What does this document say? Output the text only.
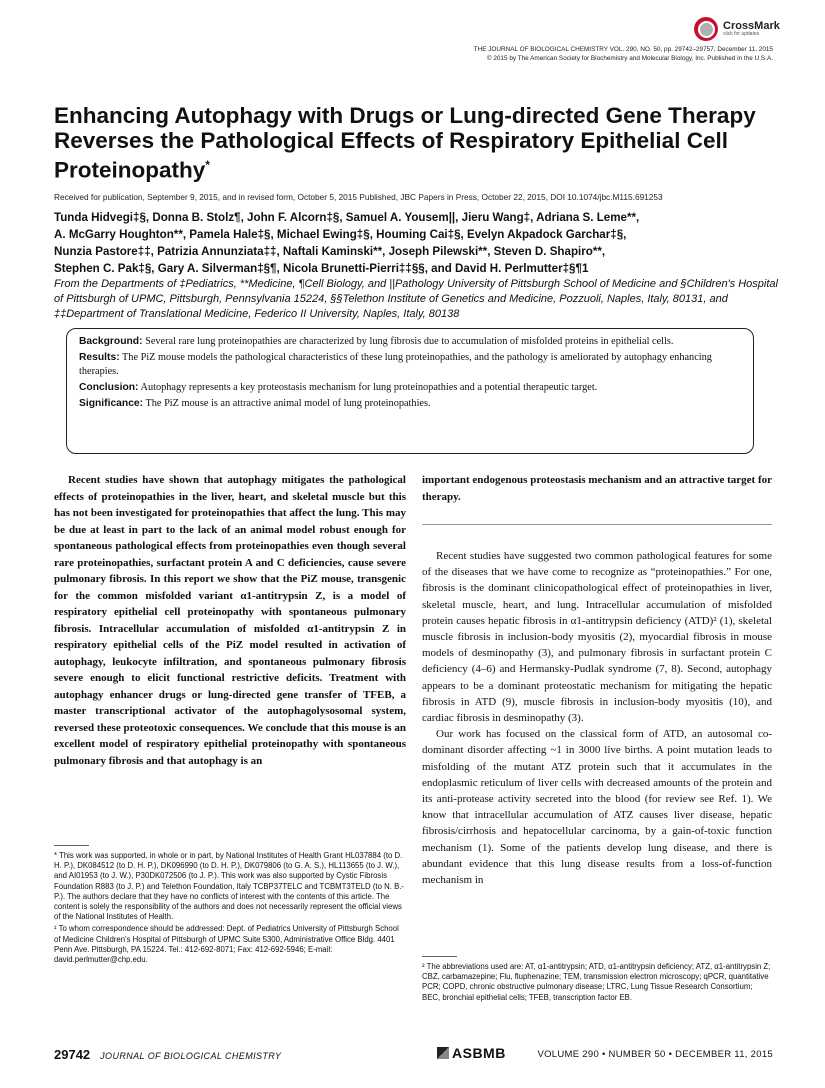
CrossMark
click for updates
THE JOURNAL OF BIOLOGICAL CHEMISTRY VOL. 290, NO. 50, pp. 29742–29757, December 11, 2015
© 2015 by The American Society for Biochemistry and Molecular Biology, Inc. Published in the U.S.A.
Enhancing Autophagy with Drugs or Lung-directed Gene Therapy Reverses the Pathological Effects of Respiratory Epithelial Cell Proteinopathy*
Received for publication, September 9, 2015, and in revised form, October 5, 2015 Published, JBC Papers in Press, October 22, 2015, DOI 10.1074/jbc.M115.691253
Tunda Hidvegi‡§, Donna B. Stolz¶, John F. Alcorn‡§, Samuel A. Yousem||, Jieru Wang‡, Adriana S. Leme**,
A. McGarry Houghton**, Pamela Hale‡§, Michael Ewing‡§, Houming Cai‡§, Evelyn Akpadock Garchar‡§,
Nunzia Pastore‡‡, Patrizia Annunziata‡‡, Naftali Kaminski**, Joseph Pilewski**, Steven D. Shapiro**,
Stephen C. Pak‡§, Gary A. Silverman‡§¶, Nicola Brunetti-Pierri‡‡§§, and David H. Perlmutter‡§¶1
From the Departments of ‡Pediatrics, **Medicine, ¶Cell Biology, and ||Pathology University of Pittsburgh School of Medicine and §Children's Hospital of Pittsburgh of UPMC, Pittsburgh, Pennsylvania 15224, §§Telethon Institute of Genetics and Medicine, Pozzuoli, Naples, Italy, 80131, and ‡‡Department of Translational Medicine, Federico II University, Naples, Italy, 80138

Background: Several rare lung proteinopathies are characterized by lung fibrosis due to accumulation of misfolded proteins in epithelial cells.

Results: The PiZ mouse models the pathological characteristics of these lung proteinopathies, and the pathology is ameliorated by autophagy enhancing therapies.

Conclusion: Autophagy represents a key proteostasis mechanism for lung proteinopathies and a potential therapeutic target.

Significance: The PiZ mouse is an attractive animal model of lung proteinopathies.

Recent studies have shown that autophagy mitigates the pathological effects of proteinopathies in the liver, heart, and skeletal muscle but this has not been investigated for proteinopathies that affect the lung. This may be due at least in part to the lack of an animal model robust enough for spontaneous pathological effects from proteinopathies even though several rare proteinopathies, surfactant protein A and C deficiencies, cause severe pulmonary fibrosis. In this report we show that the PiZ mouse, transgenic for the common misfolded variant α1-antitrypsin Z, is a model of respiratory epithelial cell proteinopathy with spontaneous pulmonary fibrosis. Intracellular accumulation of misfolded α1-antitrypsin Z in respiratory epithelial cells of the PiZ model resulted in activation of autophagy, leukocyte infiltration, and spontaneous pulmonary fibrosis severe enough to elicit functional restrictive deficits. Treatment with autophagy enhancer drugs or lung-directed gene transfer of TFEB, a master transcriptional activator of the autophagolysosomal system, reversed these proteotoxic consequences. We conclude that this mouse is an excellent model of respiratory epithelial proteinopathy with spontaneous pulmonary fibrosis and that autophagy is an
important endogenous proteostasis mechanism and an attractive target for therapy.

Recent studies have suggested two common pathological features for some of the diseases that we have come to recognize as “proteinopathies.” For one, fibrosis is the dominant clinicopathological effect of proteinopathies in liver, skeletal muscle, heart, and lung. Intracellular accumulation of misfolded protein causes hepatic fibrosis in α1-antitrypsin deficiency (ATD)² (1), skeletal muscle fibrosis in inclusion-body myositis (2), myocardial fibrosis in mouse models of desminopathy (3), and pulmonary fibrosis in surfactant protein C deficiency (4–6) and Hermansky-Pudlak syndrome (7, 8). Second, autophagy appears to be a dominant proteostatic mechanism for mitigating the hepatic fibrosis in ATD (9), muscle fibrosis in inclusion-body myositis (10), and cardiac fibrosis in desminopathy (3).

Our work has focused on the classical form of ATD, an autosomal co-dominant disorder affecting ~1 in 3000 live births. A point mutation leads to misfolding of the mutant ATZ protein such that it accumulates in the endoplasmic reticulum of liver cells with decreased amounts of the protein and its anti-protease activity secreted into the blood (for review see Ref. 1). We know that intracellular accumulation of ATZ causes liver disease, hepatic fibrosis/cirrhosis and hepatocellular carcinoma, by a gain-of-toxic function mechanism (1). Some of the patients develop lung disease, and there is abundant evidence that this lung disease results from a loss-of-function mechanism in

* This work was supported, in whole or in part, by National Institutes of Health Grant HL037884 (to D. H. P.), DK084512 (to D. H. P.), DK096990 (to D. H. P.), DK079806 (to G. A. S.), HL113655 (to J. W.), and AI01953 (to J. W.), P30DK072506 (to J. P.). This work was also supported by Cystic Fibrosis Foundation R883 (to J. P.) and Telethon Foundation, Italy TCBP37TELC and TCBMT3TELD (to N. B.-P.). The authors declare that they have no conflicts of interest with the contents of this article. The content is solely the responsibility of the authors and does not necessarily represent the official views of the National Institutes of Health.

¹ To whom correspondence should be addressed: Dept. of Pediatrics University of Pittsburgh School of Medicine Children's Hospital of Pittsburgh of UPMC Suite 5300, Administrative Office Bldg. 4401 Penn Ave. Pittsburgh, PA 15224. Tel.: 412-692-8071; Fax: 412-692-5946; E-mail: david.perlmutter@chp.edu.

² The abbreviations used are: AT, α1-antitrypsin; ATD, α1-antitrypsin deficiency; ATZ, α1-antitrypsin Z; CBZ, carbamazepine; Flu, fluphenazine; TEM, transmission electron microscopy; qPCR, quantitative PCR; COPD, chronic obstructive pulmonary disease; LTRC, Lung Tissue Research Consortium; BEC, bronchial epithelial cells; TFEB, transcription factor EB.
29742 JOURNAL OF BIOLOGICAL CHEMISTRY	ASBMB	VOLUME 290 • NUMBER 50 • DECEMBER 11, 2015
